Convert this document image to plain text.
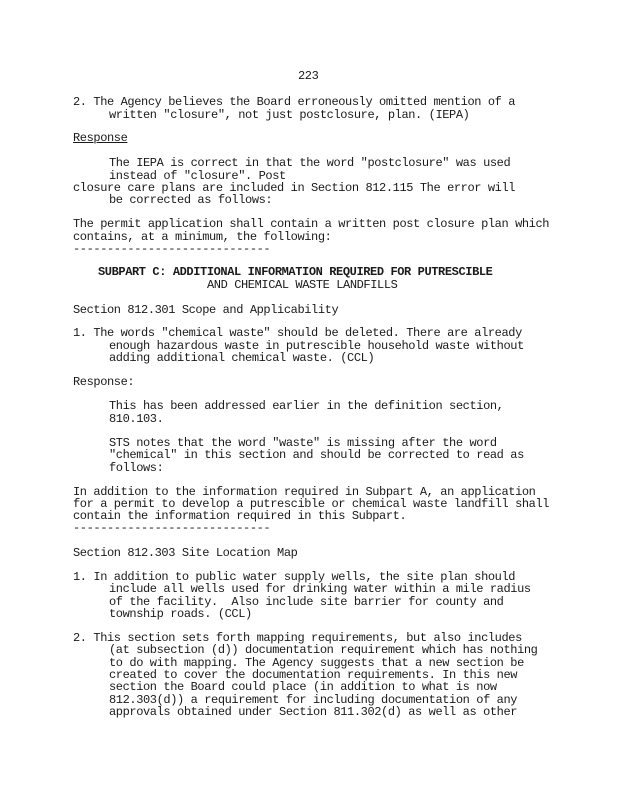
223
2. The Agency believes the Board erroneously omitted mention of a
written "closure", not just postclosure, plan. (IEPA)
Response
The IEPA is correct in that the word "postclosure" was used
instead of "closure". Post
closure care plans are included in Section 812.115 The error will
be corrected as follows:
The permit application shall contain a written post closure plan which
contains, at a minimum, the following:
-----------------------------
SUBPART C: ADDITIONAL INFORMATION REQUIRED FOR PUTRESCIBLE
AND CHEMICAL WASTE LANDFILLS
Section 812.301 Scope and Applicability
1. The words "chemical waste" should be deleted. There are already
enough hazardous waste in putrescible household waste without
adding additional chemical waste. (CCL)
Response:
This has been addressed earlier in the definition section,
810.103.
STS notes that the word "waste" is missing after the word
"chemical" in this section and should be corrected to read as
follows:
In addition to the information required in Subpart A, an application
for a permit to develop a putrescible or chemical waste landfill shall
contain the information required in this Subpart.
-----------------------------
Section 812.303 Site Location Map
1. In addition to public water supply wells, the site plan should
include all wells used for drinking water within a mile radius
of the facility.  Also include site barrier for county and
township roads. (CCL)
2. This section sets forth mapping requirements, but also includes
(at subsection (d)) documentation requirement which has nothing
to do with mapping. The Agency suggests that a new section be
created to cover the documentation requirements. In this new
section the Board could place (in addition to what is now
812.303(d)) a requirement for including documentation of any
approvals obtained under Section 811.302(d) as well as other
